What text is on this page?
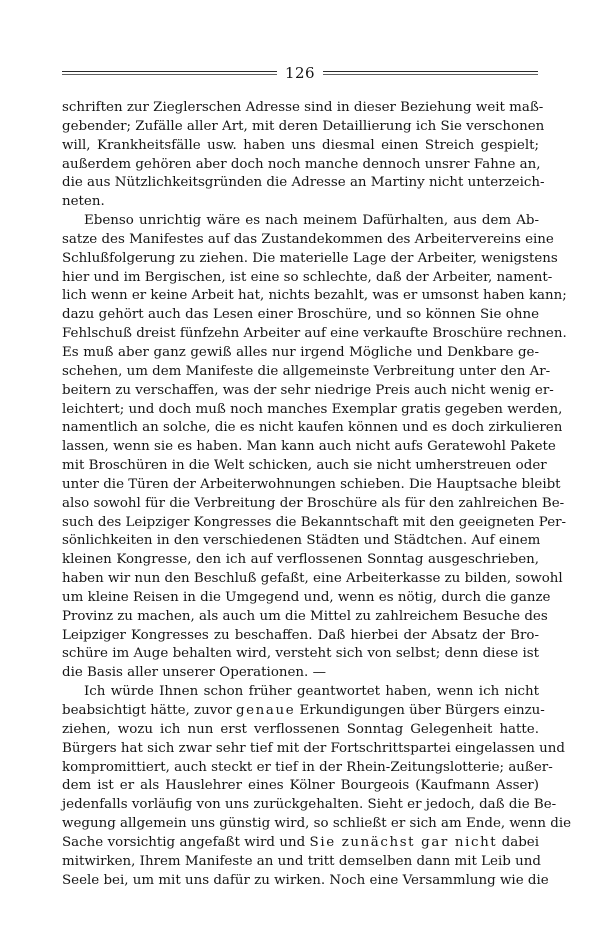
126
schriften zur Zieglerschen Adresse sind in dieser Beziehung weit maß-
gebender; Zufälle aller Art, mit deren Detaillierung ich Sie verschonen
will, Krankheitsfälle usw. haben uns diesmal einen Streich gespielt;
außerdem gehören aber doch noch manche dennoch unsrer Fahne an,
die aus Nützlichkeitsgründen die Adresse an Martiny nicht unterzeich-
neten.
Ebenso unrichtig wäre es nach meinem Dafürhalten, aus dem Ab-
satze des Manifestes auf das Zustandekommen des Arbeitervereins eine
Schlußfolgerung zu ziehen. Die materielle Lage der Arbeiter, wenigstens
hier und im Bergischen, ist eine so schlechte, daß der Arbeiter, nament-
lich wenn er keine Arbeit hat, nichts bezahlt, was er umsonst haben kann;
dazu gehört auch das Lesen einer Broschüre, und so können Sie ohne
Fehlschuß dreist fünfzehn Arbeiter auf eine verkaufte Broschüre rechnen.
Es muß aber ganz gewiß alles nur irgend Mögliche und Denkbare ge-
schehen, um dem Manifeste die allgemeinste Verbreitung unter den Ar-
beitern zu verschaffen, was der sehr niedrige Preis auch nicht wenig er-
leichtert; und doch muß noch manches Exemplar gratis gegeben werden,
namentlich an solche, die es nicht kaufen können und es doch zirkulieren
lassen, wenn sie es haben. Man kann auch nicht aufs Geratewohl Pakete
mit Broschüren in die Welt schicken, auch sie nicht umherstreuen oder
unter die Türen der Arbeiterwohnungen schieben. Die Hauptsache bleibt
also sowohl für die Verbreitung der Broschüre als für den zahlreichen Be-
such des Leipziger Kongresses die Bekanntschaft mit den geeigneten Per-
sönlichkeiten in den verschiedenen Städten und Städtchen. Auf einem
kleinen Kongresse, den ich auf verflossenen Sonntag ausgeschrieben,
haben wir nun den Beschluß gefaßt, eine Arbeiterkasse zu bilden, sowohl
um kleine Reisen in die Umgegend und, wenn es nötig, durch die ganze
Provinz zu machen, als auch um die Mittel zu zahlreichem Besuche des
Leipziger Kongresses zu beschaffen. Daß hierbei der Absatz der Bro-
schüre im Auge behalten wird, versteht sich von selbst; denn diese ist
die Basis aller unserer Operationen. —
Ich würde Ihnen schon früher geantwortet haben, wenn ich nicht
beabsichtigt hätte, zuvor genaue Erkundigungen über Bürgers einzu-
ziehen, wozu ich nun erst verflossenen Sonntag Gelegenheit hatte.
Bürgers hat sich zwar sehr tief mit der Fortschrittspartei eingelassen und
kompromittiert, auch steckt er tief in der Rhein-Zeitungslotterie; außer-
dem ist er als Hauslehrer eines Kölner Bourgeois (Kaufmann Asser)
jedenfalls vorläufig von uns zurückgehalten. Sieht er jedoch, daß die Be-
wegung allgemein uns günstig wird, so schließt er sich am Ende, wenn die
Sache vorsichtig angefaßt wird und Sie zunächst gar nicht dabei
mitwirken, Ihrem Manifeste an und tritt demselben dann mit Leib und
Seele bei, um mit uns dafür zu wirken. Noch eine Versammlung wie die
